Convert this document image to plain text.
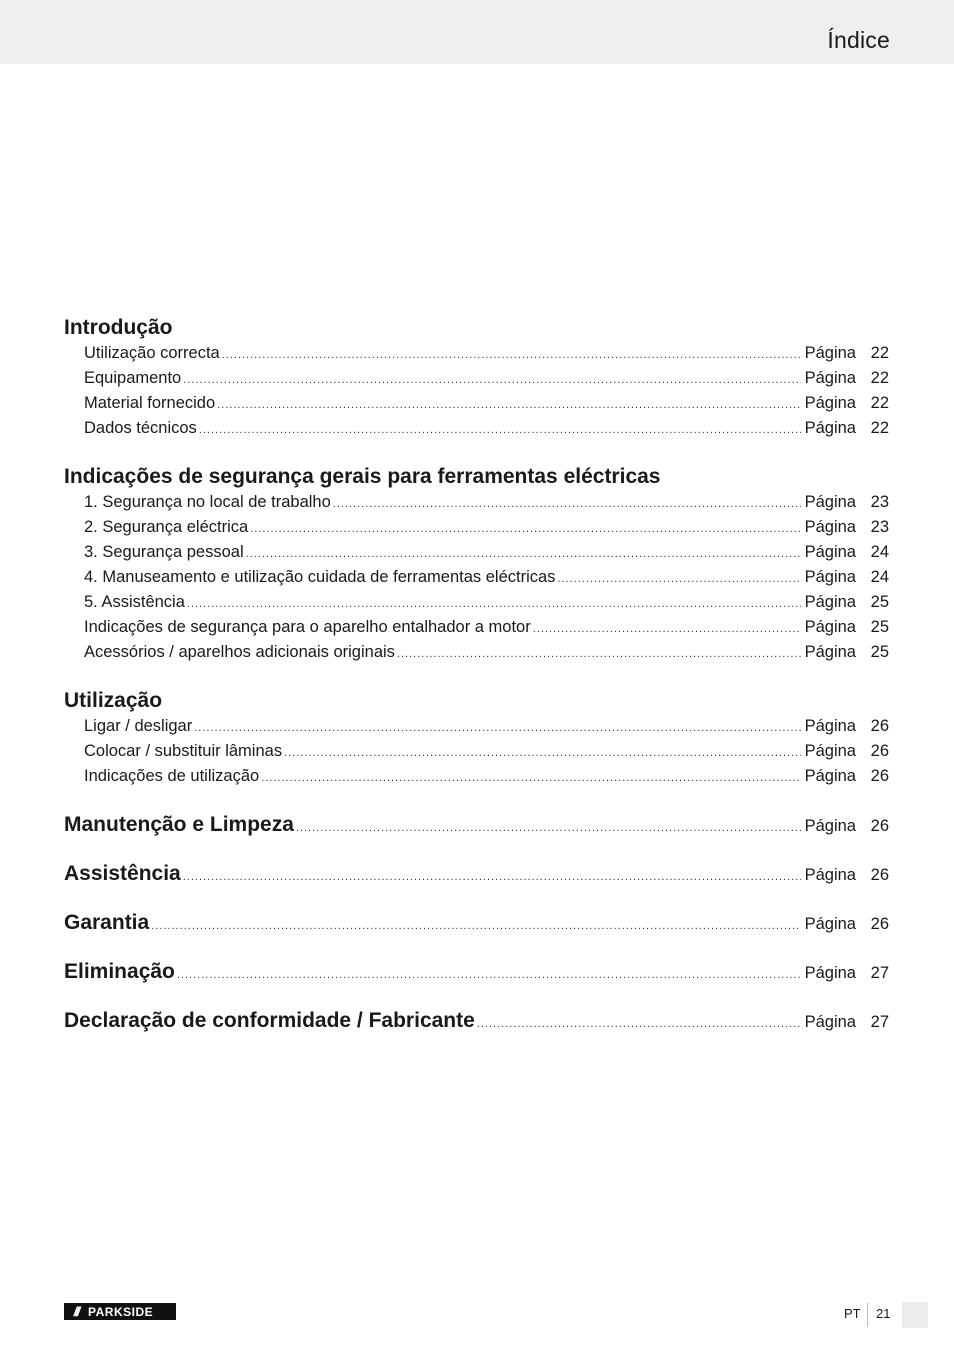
Índice
Introdução
Utilização correcta .....	Página 22
Equipamento .....	Página 22
Material fornecido .....	Página 22
Dados técnicos .....	Página 22
Indicações de segurança gerais para ferramentas eléctricas
1. Segurança no local de trabalho .....	Página 23
2. Segurança eléctrica .....	Página 23
3. Segurança pessoal .....	Página 24
4. Manuseamento e utilização cuidada de ferramentas eléctricas .....	Página 24
5. Assistência .....	Página 25
Indicações de segurança para o aparelho entalhador a motor .....	Página 25
Acessórios / aparelhos adicionais originais .....	Página 25
Utilização
Ligar / desligar .....	Página 26
Colocar / substituir lâminas .....	Página 26
Indicações de utilização .....	Página 26
Manutenção e Limpeza .....	Página 26
Assistência .....	Página 26
Garantia .....	Página 26
Eliminação .....	Página 27
Declaração de conformidade / Fabricante .....	Página 27
/// PARKSIDE	PT 21
